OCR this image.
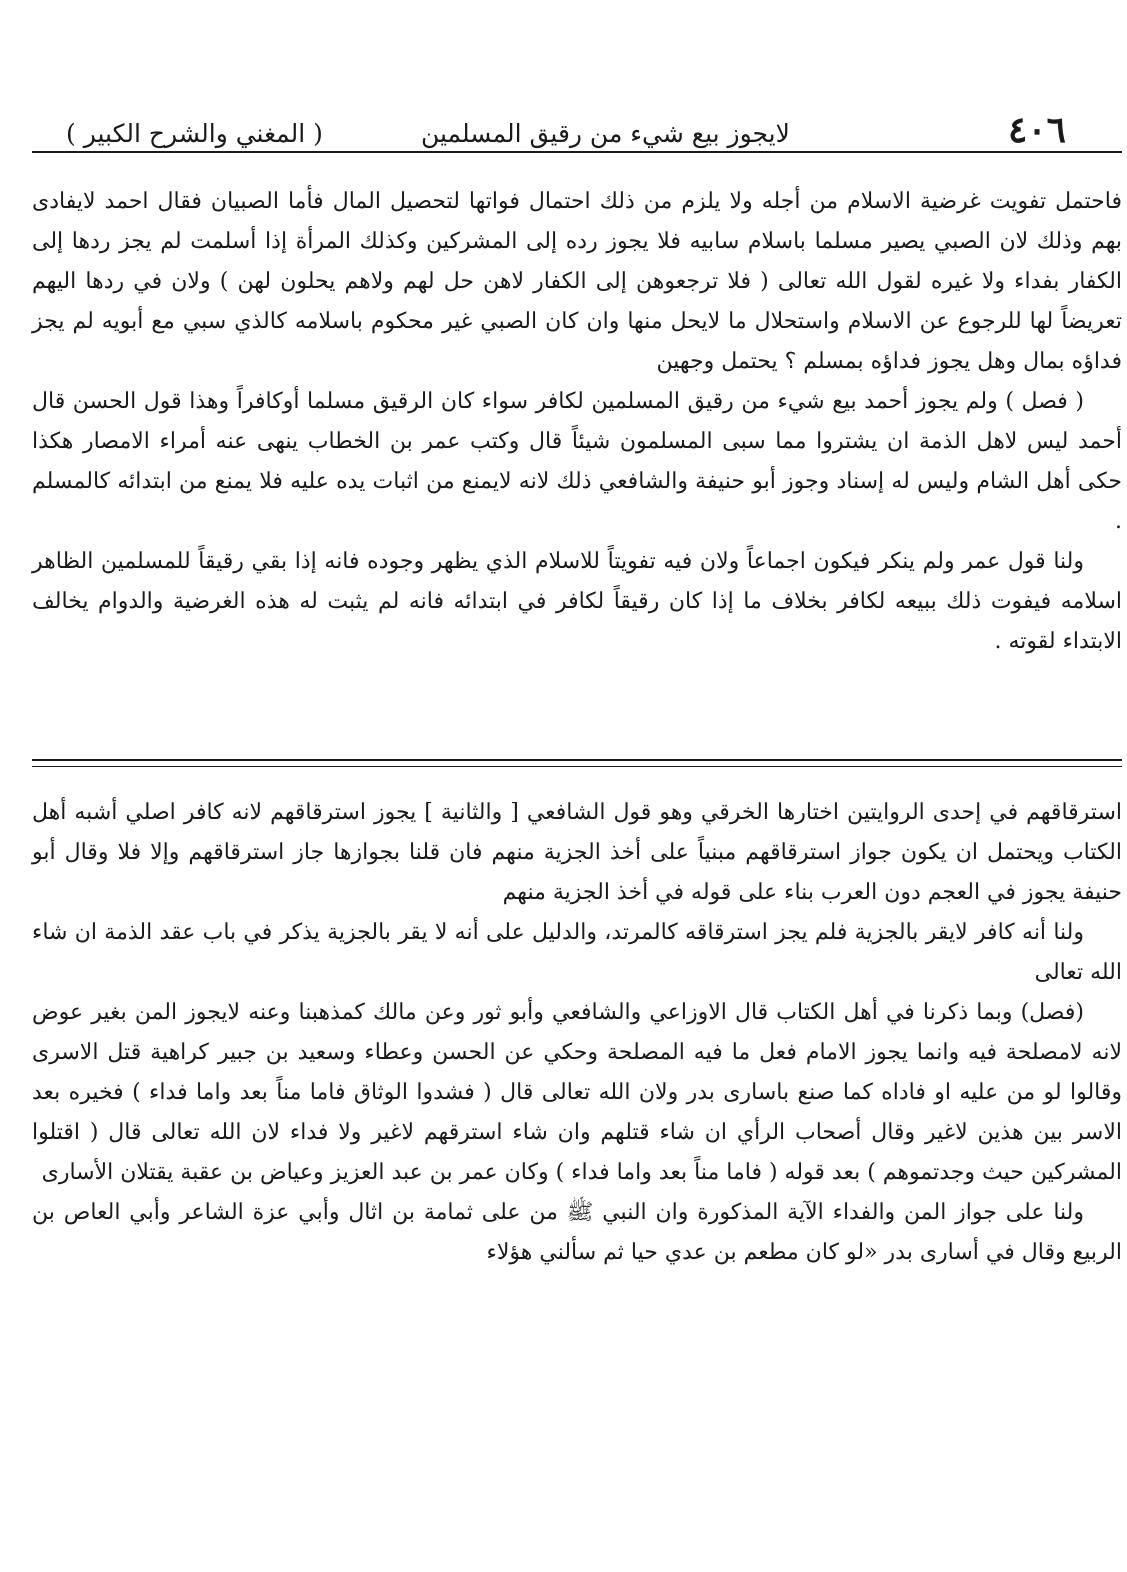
٤٠٦
لايجوز بيع شيء من رقيق المسلمين
( المغني والشرح الكبير )

فاحتمل تفويت غرضية الاسلام من أجله ولا يلزم من ذلك احتمال فواتها لتحصيل المال فأما الصبيان فقال احمد لايفادى بهم وذلك لان الصبي يصير مسلما باسلام سابيه فلا يجوز رده إلى المشركين وكذلك المرأة إذا أسلمت لم يجز ردها إلى الكفار بفداء ولا غيره لقول الله تعالى ( فلا ترجعوهن إلى الكفار لاهن حل لهم ولاهم يحلون لهن ) ولان في ردها اليهم تعريضاً لها للرجوع عن الاسلام واستحلال ما لايحل منها وان كان الصبي غير محكوم باسلامه كالذي سبي مع أبويه لم يجز فداؤه بمال وهل يجوز فداؤه بمسلم ؟ يحتمل وجهين

( فصل ) ولم يجوز أحمد بيع شيء من رقيق المسلمين لكافر سواء كان الرقيق مسلما أوكافراً وهذا قول الحسن قال أحمد ليس لاهل الذمة ان يشتروا مما سبى المسلمون شيئاً قال وكتب عمر بن الخطاب ينهى عنه أمراء الامصار هكذا حكى أهل الشام وليس له إسناد وجوز أبو حنيفة والشافعي ذلك لانه لايمنع من اثبات يده عليه فلا يمنع من ابتدائه كالمسلم .

ولنا قول عمر ولم ينكر فيكون اجماعاً ولان فيه تفويتاً للاسلام الذي يظهر وجوده فانه إذا بقي رقيقاً للمسلمين الظاهر اسلامه فيفوت ذلك ببيعه لكافر بخلاف ما إذا كان رقيقاً لكافر في ابتدائه فانه لم يثبت له هذه الغرضية والدوام يخالف الابتداء لقوته .

استرقاقهم في إحدى الروايتين اختارها الخرقي وهو قول الشافعي [ والثانية ] يجوز استرقاقهم لانه كافر اصلي أشبه أهل الكتاب ويحتمل ان يكون جواز استرقاقهم مبنياً على أخذ الجزية منهم فان قلنا بجوازها جاز استرقاقهم وإلا فلا وقال أبو حنيفة يجوز في العجم دون العرب بناء على قوله في أخذ الجزية منهم

ولنا أنه كافر لايقر بالجزية فلم يجز استرقاقه كالمرتد، والدليل على أنه لا يقر بالجزية يذكر في باب عقد الذمة ان شاء الله تعالى

(فصل) وبما ذكرنا في أهل الكتاب قال الاوزاعي والشافعي وأبو ثور وعن مالك كمذهبنا وعنه لايجوز المن بغير عوض لانه لامصلحة فيه وانما يجوز الامام فعل ما فيه المصلحة وحكي عن الحسن وعطاء وسعيد بن جبير كراهية قتل الاسرى وقالوا لو من عليه او فاداه كما صنع باسارى بدر ولان الله تعالى قال ( فشدوا الوثاق فاما مناً بعد واما فداء ) فخيره بعد الاسر بين هذين لاغير وقال أصحاب الرأي ان شاء قتلهم وان شاء استرقهم لاغير ولا فداء لان الله تعالى قال ( اقتلوا المشركين حيث وجدتموهم ) بعد قوله ( فاما مناً بعد واما فداء ) وكان عمر بن عبد العزيز وعياض بن عقبة يقتلان الأسارى

ولنا على جواز المن والفداء الآية المذكورة وان النبي ﷺ من على ثمامة بن اثال وأبي عزة الشاعر وأبي العاص بن الربيع وقال في أسارى بدر «لو كان مطعم بن عدي حيا ثم سألني هؤلاء
